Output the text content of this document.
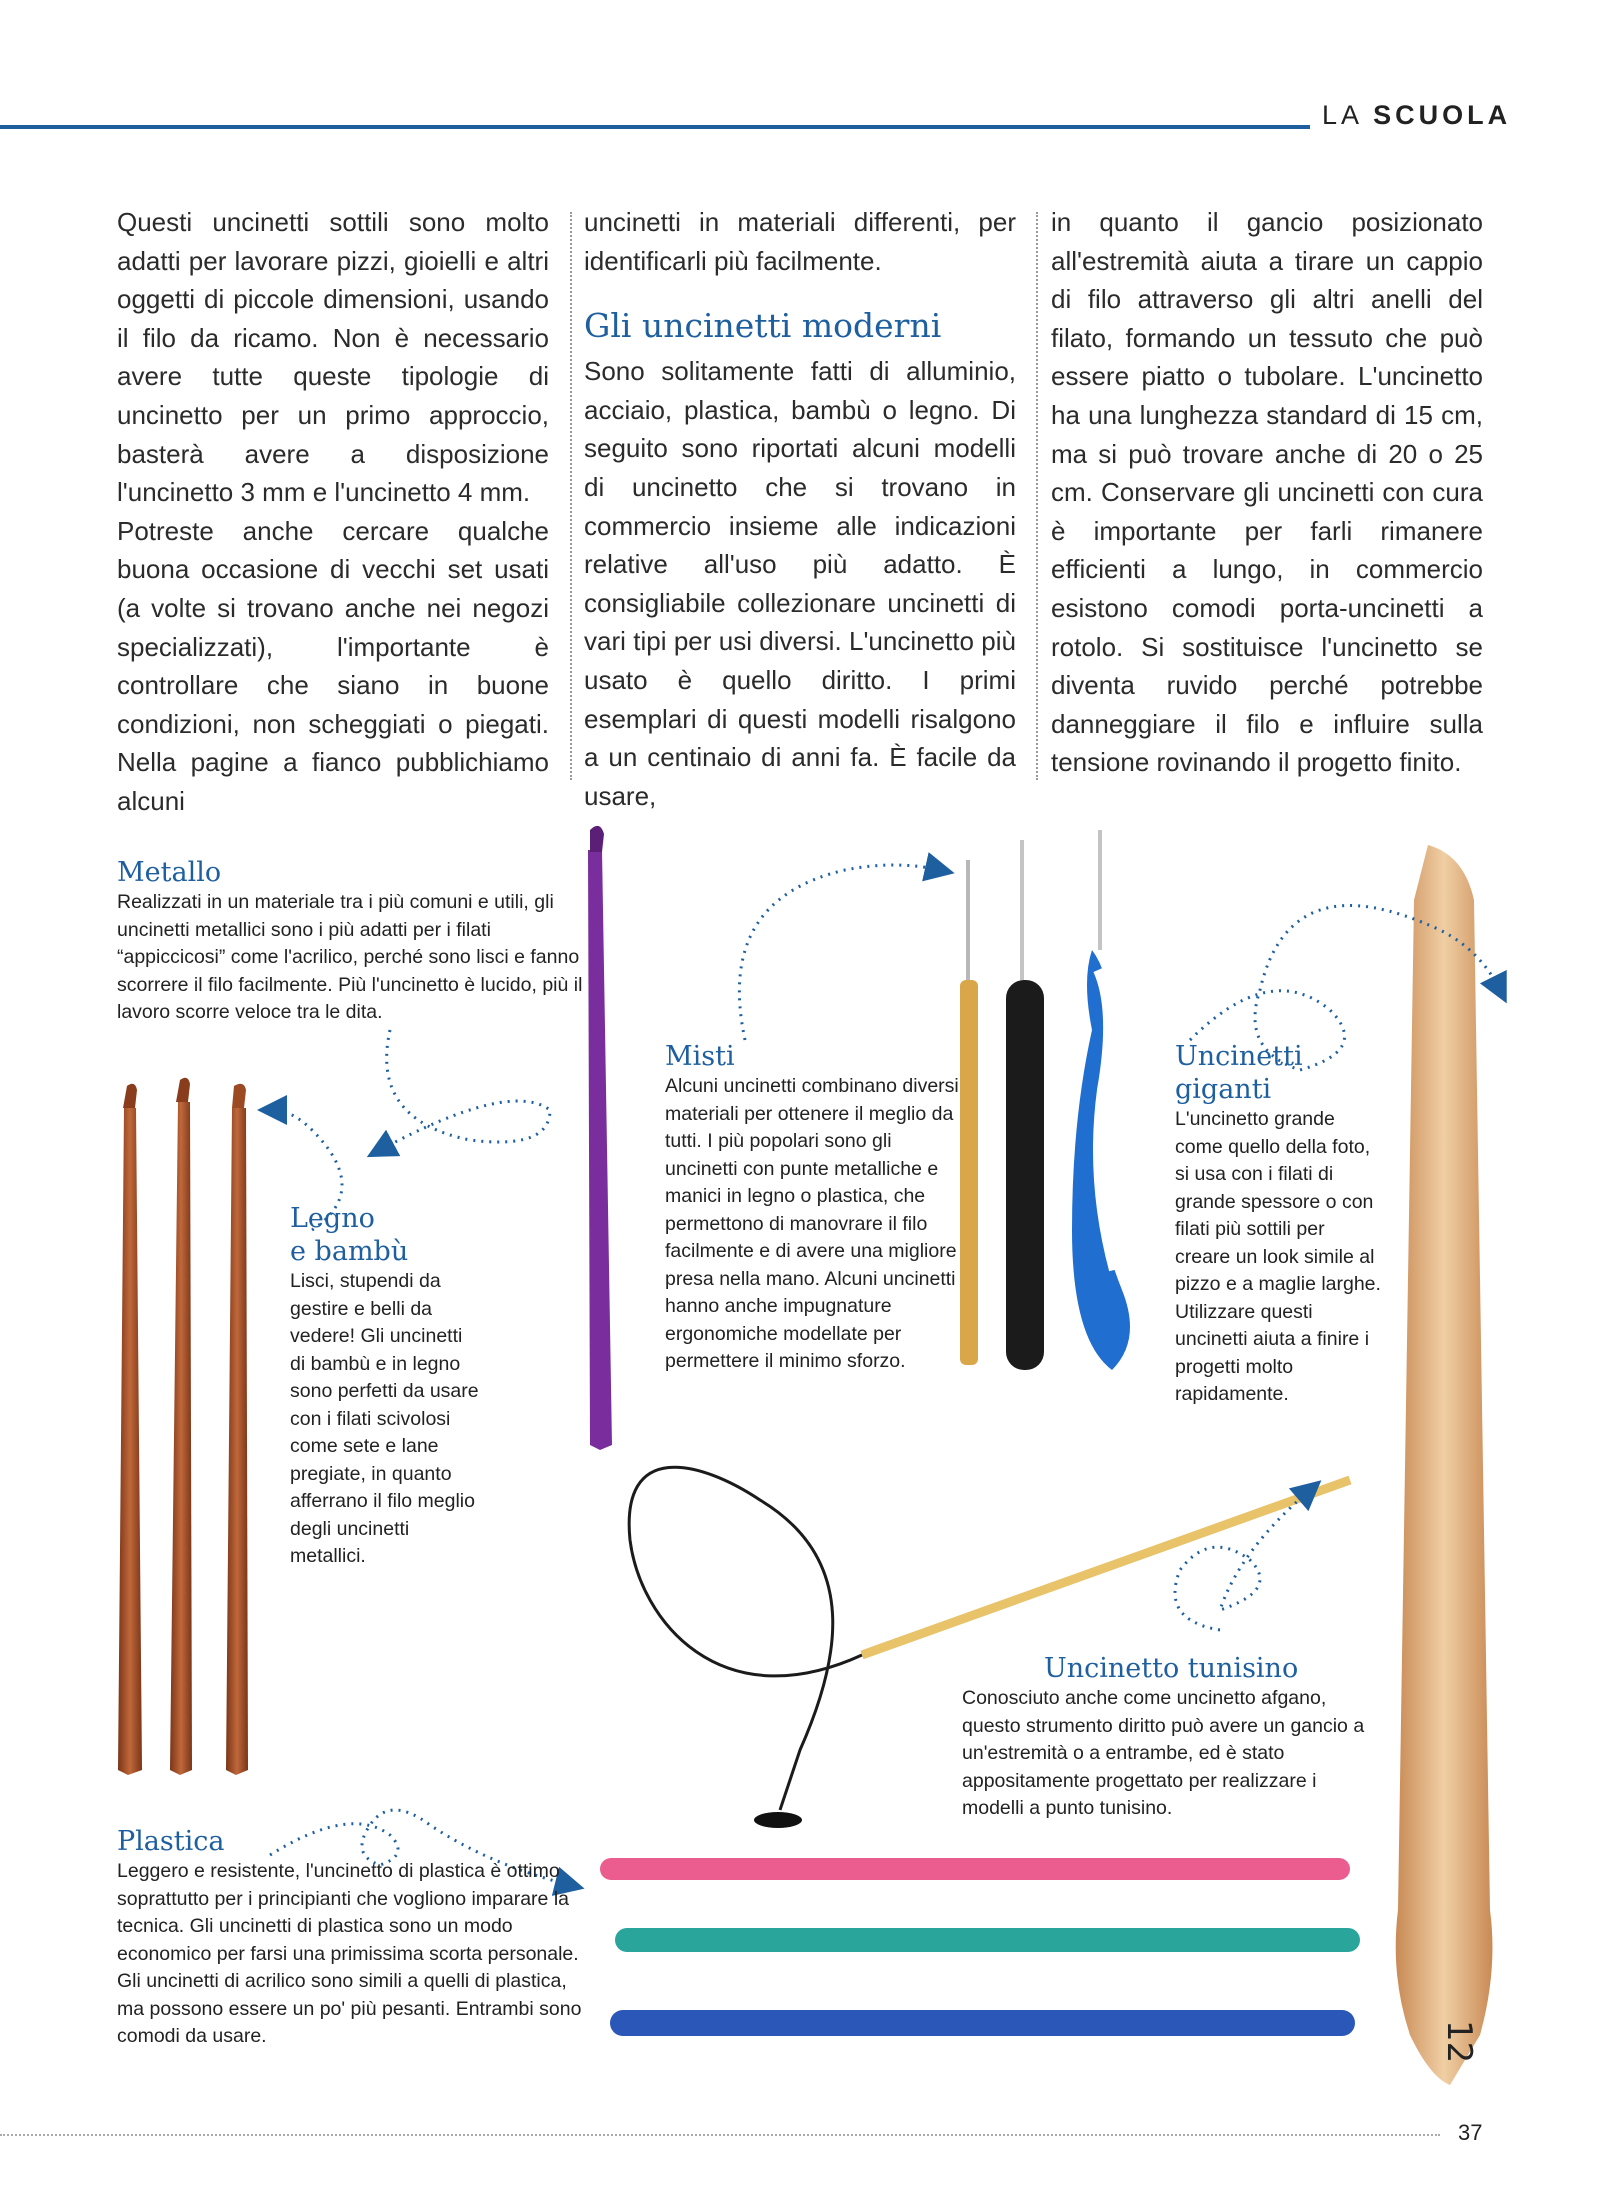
LA SCUOLA

Questi uncinetti sottili sono molto adatti per lavorare pizzi, gioielli e altri oggetti di piccole dimensioni, usando il filo da ricamo. Non è necessario avere tutte queste tipologie di uncinetto per un primo approccio, basterà avere a disposizione l'uncinetto 3 mm e l'uncinetto 4 mm.

Potreste anche cercare qualche buona occasione di vecchi set usati (a volte si trovano anche nei negozi specializzati), l'importante è controllare che siano in buone condizioni, non scheggiati o piegati. Nella pagine a fianco pubblichiamo alcuni

uncinetti in materiali differenti, per identificarli più facilmente.

Gli uncinetti moderni

Sono solitamente fatti di alluminio, acciaio, plastica, bambù o legno. Di seguito sono riportati alcuni modelli di uncinetto che si trovano in commercio insieme alle indicazioni relative all'uso più adatto. È consigliabile collezionare uncinetti di vari tipi per usi diversi. L'uncinetto più usato è quello diritto. I primi esemplari di questi modelli risalgono a un centinaio di anni fa. È facile da usare,

in quanto il gancio posizionato all'estremità aiuta a tirare un cappio di filo attraverso gli altri anelli del filato, formando un tessuto che può essere piatto o tubolare. L'uncinetto ha una lunghezza standard di 15 cm, ma si può trovare anche di 20 o 25 cm. Conservare gli uncinetti con cura è importante per farli rimanere efficienti a lungo, in commercio esistono comodi porta-uncinetti a rotolo. Si sostituisce l'uncinetto se diventa ruvido perché potrebbe danneggiare il filo e influire sulla tensione rovinando il progetto finito.

12
Metallo

Realizzati in un materiale tra i più comuni e utili, gli uncinetti metallici sono i più adatti per i filati “appiccicosi” come l'acrilico, perché sono lisci e fanno scorrere il filo facilmente. Più l'uncinetto è lucido, più il lavoro scorre veloce tra le dita.

Legno
e bambù

Lisci, stupendi da gestire e belli da vedere! Gli uncinetti di bambù e in legno sono perfetti da usare con i filati scivolosi come sete e lane pregiate, in quanto afferrano il filo meglio degli uncinetti metallici.

Misti

Alcuni uncinetti combinano diversi materiali per ottenere il meglio da tutti. I più popolari sono gli uncinetti con punte metalliche e manici in legno o plastica, che permettono di manovrare il filo facilmente e di avere una migliore presa nella mano. Alcuni uncinetti hanno anche impugnature ergonomiche modellate per permettere il minimo sforzo.

Uncinetti giganti

L'uncinetto grande come quello della foto, si usa con i filati di grande spessore o con filati più sottili per creare un look simile al pizzo e a maglie larghe. Utilizzare questi uncinetti aiuta a finire i progetti molto rapidamente.

Uncinetto tunisino

Conosciuto anche come uncinetto afgano, questo strumento diritto può avere un gancio a un'estremità o a entrambe, ed è stato appositamente progettato per realizzare i modelli a punto tunisino.

Plastica

Leggero e resistente, l'uncinetto di plastica è ottimo soprattutto per i principianti che vogliono imparare la tecnica. Gli uncinetti di plastica sono un modo economico per farsi una primissima scorta personale. Gli uncinetti di acrilico sono simili a quelli di plastica, ma possono essere un po' più pesanti. Entrambi sono comodi da usare.

37
